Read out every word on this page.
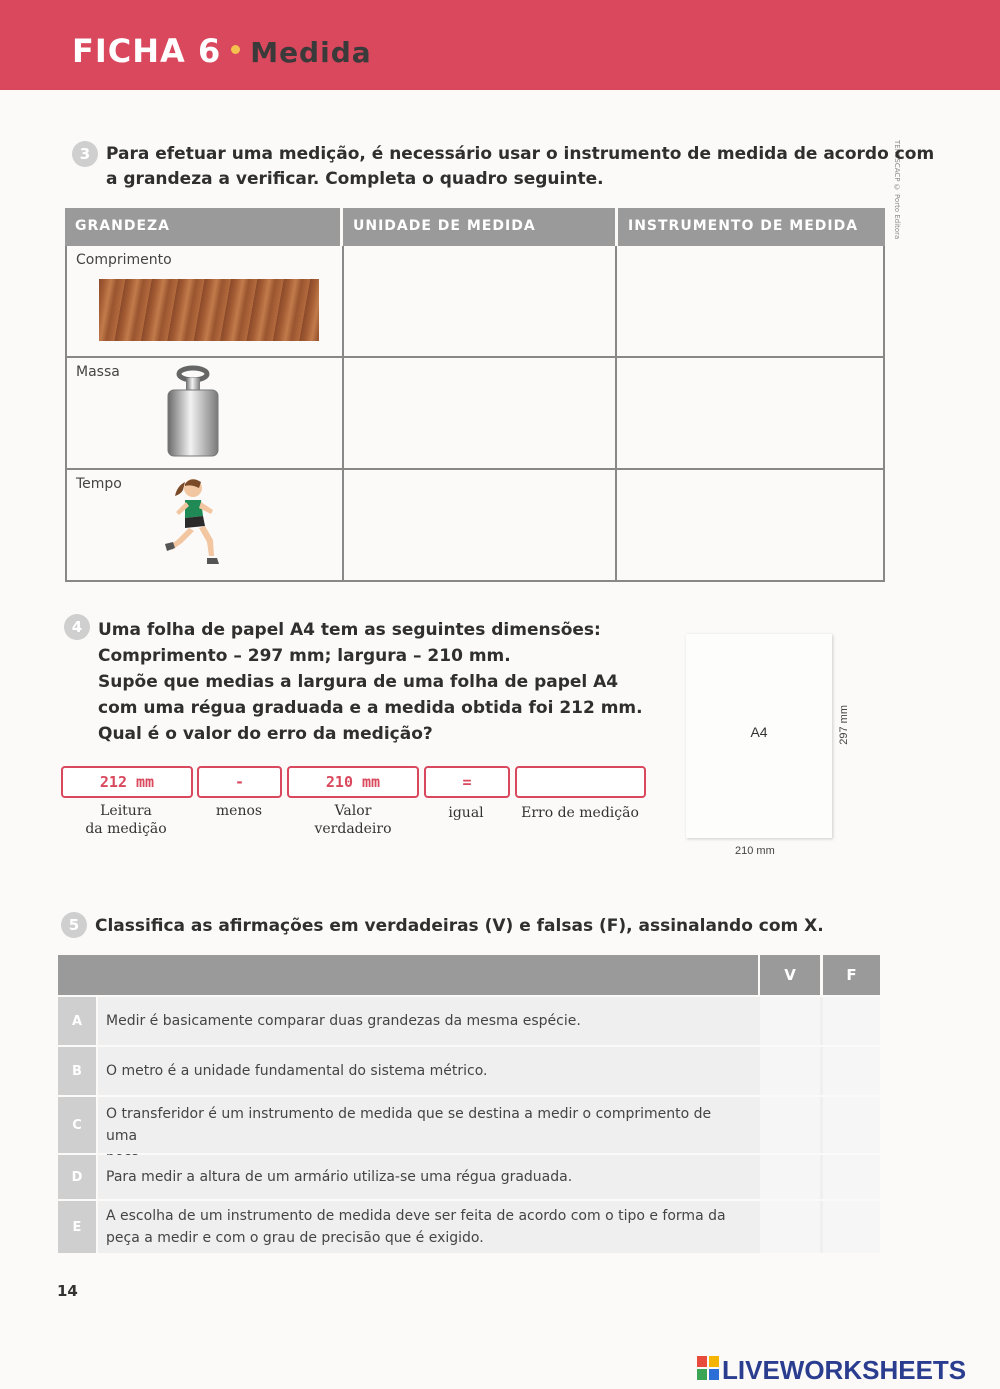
FICHA 6 Medida
TEN5SCACP © Porto Editora
3 Para efetuar uma medição, é necessário usar o instrumento de medida de acordo com
a grandeza a verificar. Completa o quadro seguinte.
GRANDEZA	UNIDADE DE MEDIDA	INSTRUMENTO DE MEDIDA
Comprimento
Massa
Tempo
4 Uma folha de papel A4 tem as seguintes dimensões:
Comprimento – 297 mm; largura – 210 mm.
Supõe que medias a largura de uma folha de papel A4
com uma régua graduada e a medida obtida foi 212 mm.
Qual é o valor do erro da medição?
212 mm	-	210 mm	=
Leitura
da medição
menos	Valor
verdadeiro
igual	Erro de medição
A4	297 mm
210 mm
5 Classifica as afirmações em verdadeiras (V) e falsas (F), assinalando com X.
V	F
A	Medir é basicamente comparar duas grandezas da mesma espécie.
B	O metro é a unidade fundamental do sistema métrico.
C
O transferidor é um instrumento de medida que se destina a medir o comprimento de uma
D	Para medir a altura de um armário utiliza-se uma régua graduada.
E
A escolha de um instrumento de medida deve ser feita de acordo com o tipo e forma da
peça a medir e com o grau de precisão que é exigido.
14
LIVEWORKSHEETS
